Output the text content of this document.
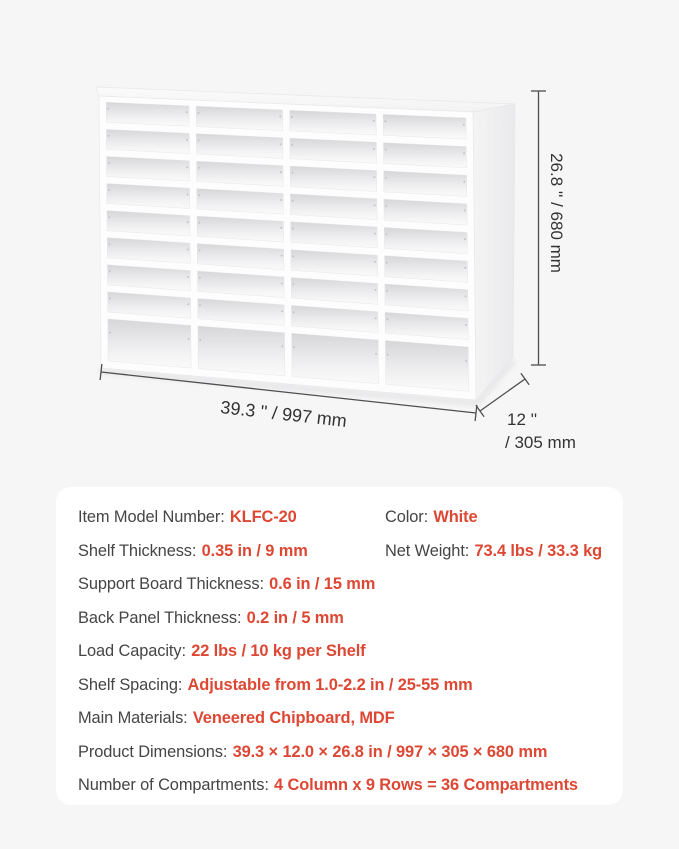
26.8 '' / 680 mm
39.3 '' / 997 mm	12 ''
/ 305 mm
Item Model Number: KLFC-20	Color: White
Shelf Thickness: 0.35 in / 9 mm	Net Weight: 73.4 lbs / 33.3 kg
Support Board Thickness: 0.6 in / 15 mm
Back Panel Thickness: 0.2 in / 5 mm
Load Capacity: 22 lbs / 10 kg per Shelf
Shelf Spacing: Adjustable from 1.0-2.2 in / 25-55 mm
Main Materials: Veneered Chipboard, MDF
Product Dimensions: 39.3 × 12.0 × 26.8 in / 997 × 305 × 680 mm
Number of Compartments: 4 Column x 9 Rows = 36 Compartments
